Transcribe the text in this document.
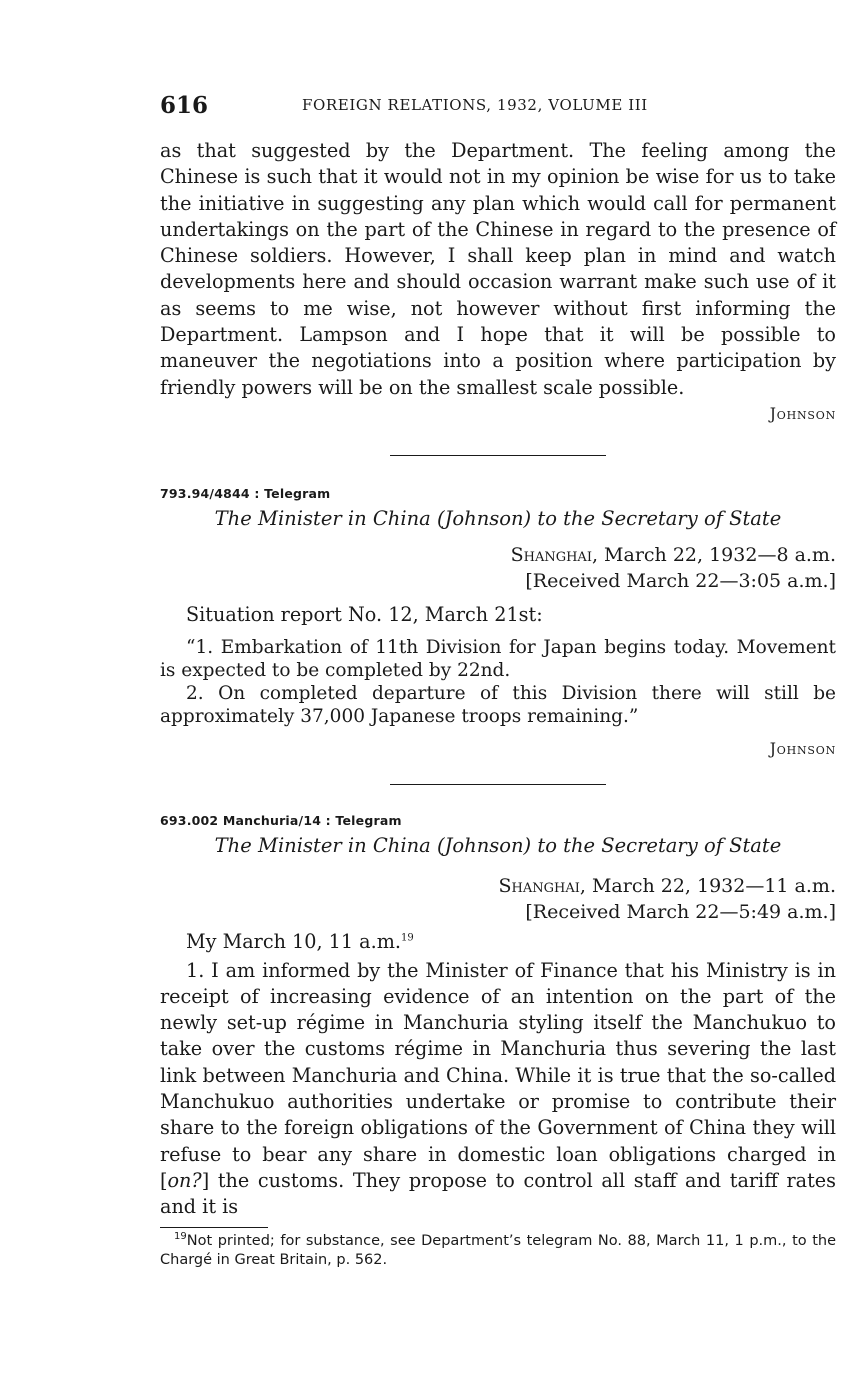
616	FOREIGN RELATIONS, 1932, VOLUME III

as that suggested by the Department. The feeling among the Chinese is such that it would not in my opinion be wise for us to take the initiative in suggesting any plan which would call for permanent undertakings on the part of the Chinese in regard to the presence of Chinese soldiers. However, I shall keep plan in mind and watch developments here and should occasion warrant make such use of it as seems to me wise, not however without first informing the Department. Lampson and I hope that it will be possible to maneuver the negotiations into a position where participation by friendly powers will be on the smallest scale possible.

Johnson
793.94/4844 : Telegram
The Minister in China (Johnson) to the Secretary of State
Shanghai, March 22, 1932—8 a.m.
[Received March 22—3:05 a.m.]

Situation report No. 12, March 21st:

“1. Embarkation of 11th Division for Japan begins today. Movement is expected to be completed by 22nd.

2. On completed departure of this Division there will still be approximately 37,000 Japanese troops remaining.”

Johnson
693.002 Manchuria/14 : Telegram
The Minister in China (Johnson) to the Secretary of State
Shanghai, March 22, 1932—11 a.m.
[Received March 22—5:49 a.m.]

My March 10, 11 a.m.$^{19}$

1. I am informed by the Minister of Finance that his Ministry is in receipt of increasing evidence of an intention on the part of the newly set-up régime in Manchuria styling itself the Manchukuo to take over the customs régime in Manchuria thus severing the last link between Manchuria and China. While it is true that the so-called Manchukuo authorities undertake or promise to contribute their share to the foreign obligations of the Government of China they will refuse to bear any share in domestic loan obligations charged in [on?] the customs. They propose to control all staff and tariff rates and it is

$^{19}$Not printed; for substance, see Department’s telegram No. 88, March 11, 1 p.m., to the Chargé in Great Britain, p. 562.
